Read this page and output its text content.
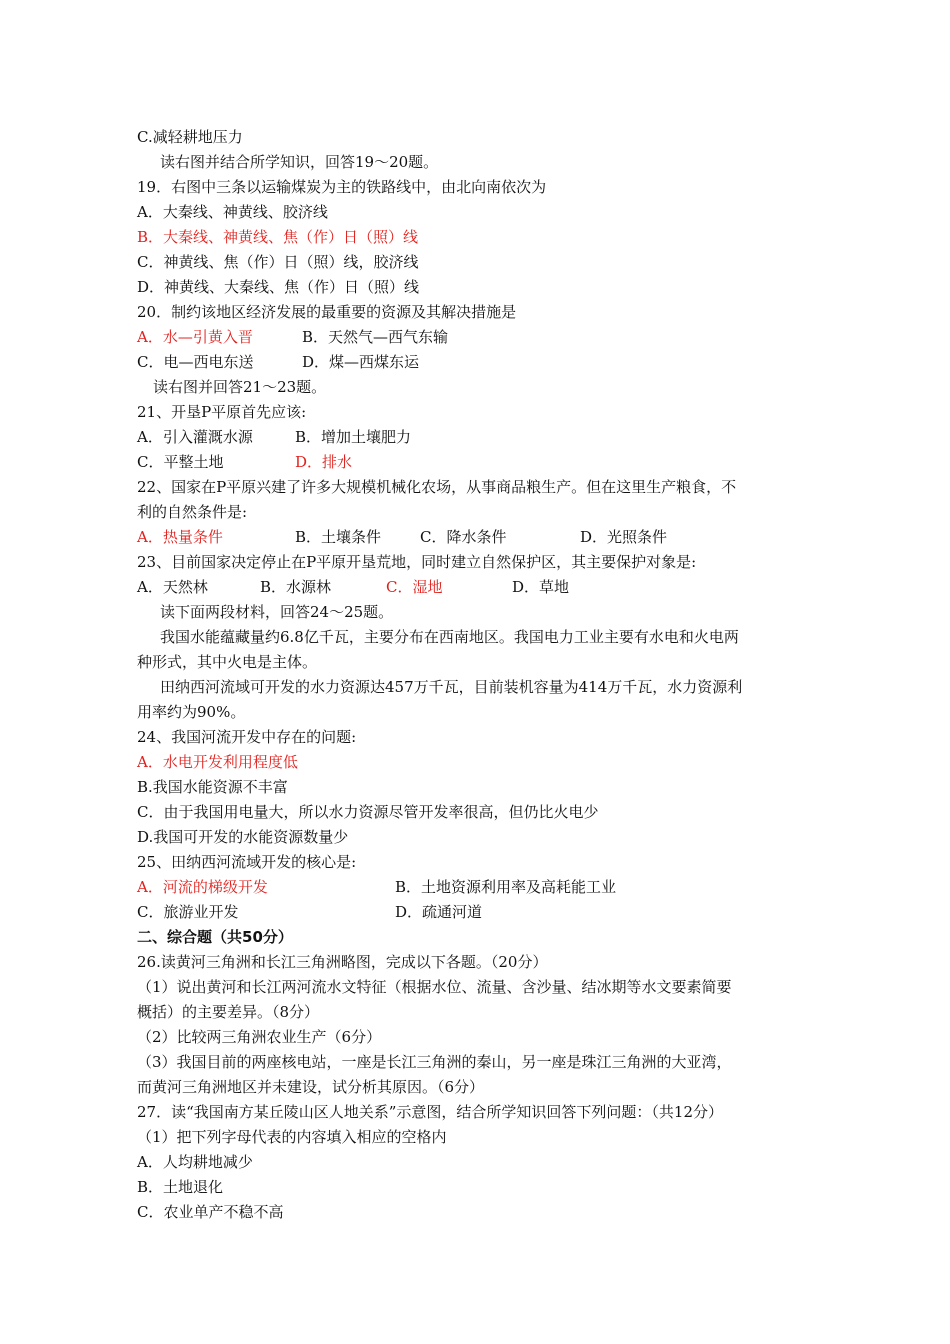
C.减轻耕地压力
读右图并结合所学知识，回答19～20题。
19．右图中三条以运输煤炭为主的铁路线中，由北向南依次为
A．大秦线、神黄线、胶济线
B．大秦线、神黄线、焦（作）日（照）线
C．神黄线、焦（作）日（照）线，胶济线
D．神黄线、大秦线、焦（作）日（照）线
20．制约该地区经济发展的最重要的资源及其解决措施是
A．水—引黄入晋	B．天然气—西气东输
C．电—西电东送	D．煤—西煤东运
读右图并回答21～23题。
21、开垦P平原首先应该:
A．引入灌溉水源	B．增加土壤肥力
C．平整土地	D．排水
22、国家在P平原兴建了许多大规模机械化农场，从事商品粮生产。但在这里生产粮食，不
利的自然条件是:
A．热量条件	B．土壤条件	C．降水条件	D．光照条件
23、目前国家决定停止在P平原开垦荒地，同时建立自然保护区，其主要保护对象是:
A．天然林	B．水源林	C．湿地	D．草地
读下面两段材料，回答24～25题。
我国水能蕴藏量约6.8亿千瓦，主要分布在西南地区。我国电力工业主要有水电和火电两
种形式，其中火电是主体。
田纳西河流域可开发的水力资源达457万千瓦，目前装机容量为414万千瓦，水力资源利
用率约为90%。
24、我国河流开发中存在的问题:
A．水电开发利用程度低
B.我国水能资源不丰富
C．由于我国用电量大，所以水力资源尽管开发率很高，但仍比火电少
D.我国可开发的水能资源数量少
25、田纳西河流域开发的核心是:
A．河流的梯级开发	B．土地资源利用率及高耗能工业
C．旅游业开发	D．疏通河道
二、综合题（共50分）
26.读黄河三角洲和长江三角洲略图，完成以下各题。（20分）
（1）说出黄河和长江两河流水文特征（根据水位、流量、含沙量、结冰期等水文要素简要
概括）的主要差异。（8分）
（2）比较两三角洲农业生产（6分）
（3）我国目前的两座核电站，一座是长江三角洲的秦山，另一座是珠江三角洲的大亚湾，
而黄河三角洲地区并未建设，试分析其原因。（6分）
27．读“我国南方某丘陵山区人地关系”示意图，结合所学知识回答下列问题：（共12分）
（1）把下列字母代表的内容填入相应的空格内
A．人均耕地减少
B．土地退化
C．农业单产不稳不高
